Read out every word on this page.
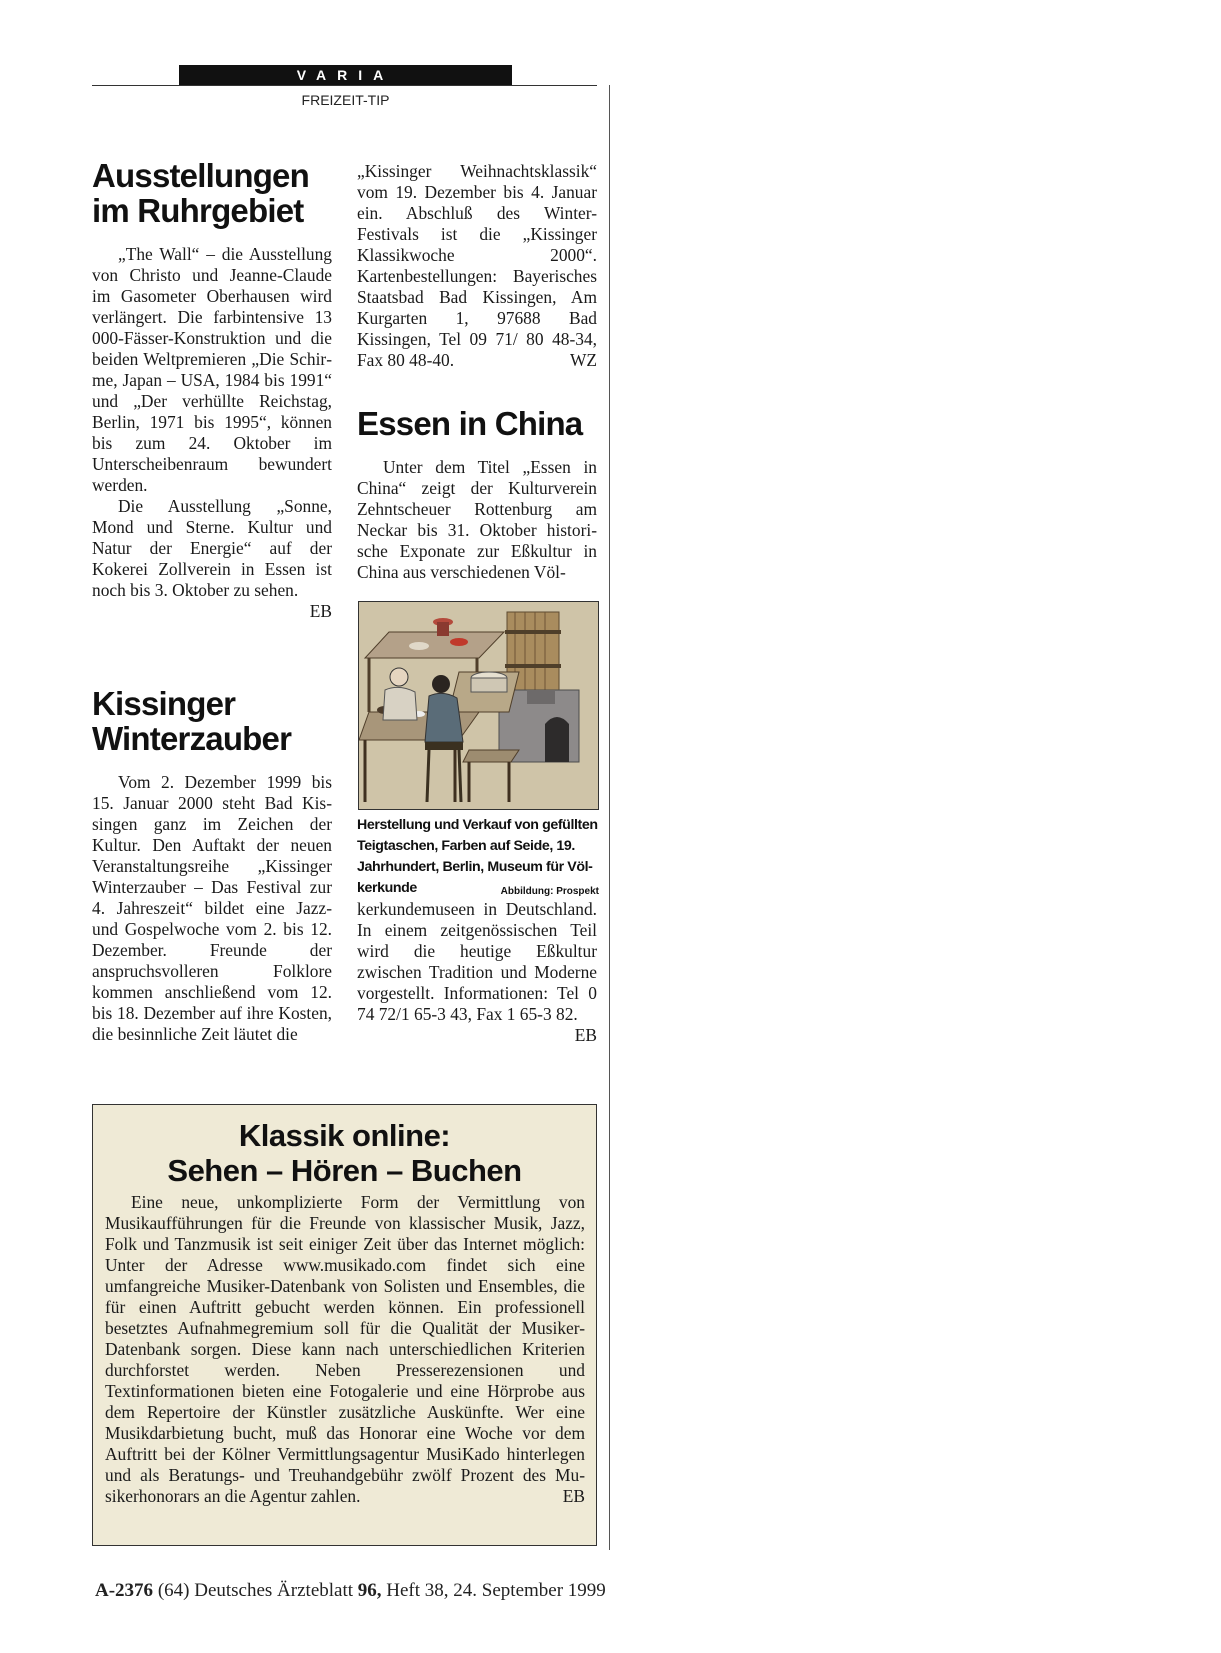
VARIA
FREIZEIT-TIP
Ausstellungen
im Ruhrgebiet

„The Wall“ – die Ausstellung von Christo und Jeanne-Claude im Gasometer Oberhausen wird verlängert. Die farbintensive 13 000-Fässer-Konstruktion und die beiden Weltpremieren „Die Schirme, Japan – USA, 1984 bis 1991“ und „Der verhüllte Reichstag, Berlin, 1971 bis 1995“, können bis zum 24. Oktober im Unterscheibenraum bewundert werden.

Die Ausstellung „Sonne, Mond und Sterne. Kultur und Natur der Energie“ auf der Kokerei Zollverein in Essen ist noch bis 3. Oktober zu sehen.
EB

Kissinger
Winterzauber

Vom 2. Dezember 1999 bis 15. Januar 2000 steht Bad Kissingen ganz im Zeichen der Kultur. Den Auftakt der neuen Veranstaltungsreihe „Kissinger Winterzauber – Das Festival zur 4. Jahreszeit“ bildet eine Jazz- und Gospelwoche vom 2. bis 12. Dezember. Freunde der anspruchsvolleren Folklore kommen anschließend vom 12. bis 18. Dezember auf ihre Kosten, die besinnliche Zeit läutet die

„Kissinger Weihnachtsklassik“ vom 19. Dezember bis 4. Januar ein. Abschluß des Winter-Festivals ist die „Kissinger Klassikwoche 2000“. Kartenbestellungen: Bayerisches Staatsbad Bad Kissingen, Am Kurgarten 1, 97688 Bad Kissingen, Tel 09 71/ 80 48-34, Fax 80 48-40.	WZ

Essen in China

Unter dem Titel „Essen in China“ zeigt der Kulturverein Zehntscheuer Rottenburg am Neckar bis 31. Oktober historische Exponate zur Eßkultur in China aus verschiedenen Völ-

Herstellung und Verkauf von gefüllten Teigtaschen, Farben auf Seide, 19. Jahrhundert, Berlin, Museum für Völkerkunde	Abbildung: Prospekt

kerkundemuseen in Deutschland. In einem zeitgenössischen Teil wird die heutige Eßkultur zwischen Tradition und Moderne vorgestellt. Informationen: Tel 0 74 72/1 65-3 43, Fax 1 65-3 82.
EB

Klassik online:
Sehen – Hören – Buchen

Eine neue, unkomplizierte Form der Vermittlung von Musikaufführungen für die Freunde von klassischer Musik, Jazz, Folk und Tanzmusik ist seit einiger Zeit über das Internet möglich: Unter der Adresse www.musikado.com findet sich eine umfangreiche Musiker-Datenbank von Solisten und Ensembles, die für einen Auftritt gebucht werden können. Ein professionell besetztes Aufnahmegremium soll für die Qualität der Musiker-Datenbank sorgen. Diese kann nach unterschiedlichen Kriterien durchforstet werden. Neben Presserezensionen und Textinformationen bieten eine Fotogalerie und eine Hörprobe aus dem Repertoire der Künstler zusätzliche Auskünfte. Wer eine Musikdarbietung bucht, muß das Honorar eine Woche vor dem Auftritt bei der Kölner Vermittlungsagentur MusiKado hinterlegen und als Beratungs- und Treuhandgebühr zwölf Prozent des Musikerhonorars an die Agentur zahlen.	EB

A-2376 (64) Deutsches Ärzteblatt 96, Heft 38, 24. September 1999
